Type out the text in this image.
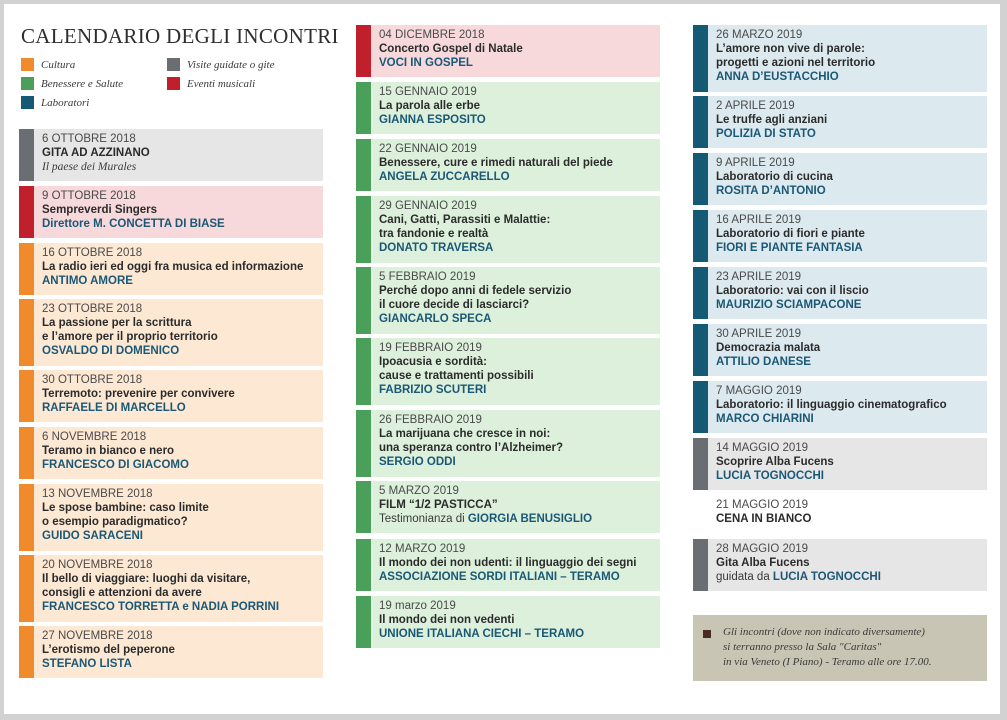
CALENDARIO DEGLI INCONTRI
Cultura
Benessere e Salute
Laboratori
Visite guidate o gite
Eventi musicali
6 OTTOBRE 2018
GITA AD AZZINANO
Il paese dei Murales
9 OTTOBRE 2018
Sempreverdi Singers
Direttore M. CONCETTA DI BIASE
16 OTTOBRE 2018
La radio ieri ed oggi fra musica ed informazione
ANTIMO AMORE
23 OTTOBRE 2018
La passione per la scrittura
e l’amore per il proprio territorio
OSVALDO DI DOMENICO
30 OTTOBRE 2018
Terremoto: prevenire per convivere
RAFFAELE DI MARCELLO
6 NOVEMBRE 2018
Teramo in bianco e nero
FRANCESCO DI GIACOMO
13 NOVEMBRE 2018
Le spose bambine: caso limite
o esempio paradigmatico?
GUIDO SARACENI
20 NOVEMBRE 2018
Il bello di viaggiare: luoghi da visitare,
consigli e attenzioni da avere
FRANCESCO TORRETTA e NADIA PORRINI
27 NOVEMBRE 2018
L’erotismo del peperone
STEFANO LISTA
04 DICEMBRE 2018
Concerto Gospel di Natale
VOCI IN GOSPEL
15 GENNAIO 2019
La parola alle erbe
GIANNA ESPOSITO
22 GENNAIO 2019
Benessere, cure e rimedi naturali del piede
ANGELA ZUCCARELLO
29 GENNAIO 2019
Cani, Gatti, Parassiti e Malattie:
tra fandonie e realtà
DONATO TRAVERSA
5 FEBBRAIO 2019
Perché dopo anni di fedele servizio
il cuore decide di lasciarci?
GIANCARLO SPECA
19 FEBBRAIO 2019
Ipoacusia e sordità:
cause e trattamenti possibili
FABRIZIO SCUTERI
26 FEBBRAIO 2019
La marijuana che cresce in noi:
una speranza contro l’Alzheimer?
SERGIO ODDI
5 MARZO 2019
FILM “1/2 PASTICCA”
Testimonianza di GIORGIA BENUSIGLIO
12 MARZO 2019
Il mondo dei non udenti: il linguaggio dei segni
ASSOCIAZIONE SORDI ITALIANI – TERAMO
19 marzo 2019
Il mondo dei non vedenti
UNIONE ITALIANA CIECHI – TERAMO
26 MARZO 2019
L’amore non vive di parole:
progetti e azioni nel territorio
ANNA D’EUSTACCHIO
2 APRILE 2019
Le truffe agli anziani
POLIZIA DI STATO
9 APRILE 2019
Laboratorio di cucina
ROSITA D’ANTONIO
16 APRILE 2019
Laboratorio di fiori e piante
FIORI E PIANTE FANTASIA
23 APRILE 2019
Laboratorio: vai con il liscio
MAURIZIO SCIAMPACONE
30 APRILE 2019
Democrazia malata
ATTILIO DANESE
7 MAGGIO 2019
Laboratorio: il linguaggio cinematografico
MARCO CHIARINI
14 MAGGIO 2019
Scoprire Alba Fucens
LUCIA TOGNOCCHI
21 MAGGIO 2019
CENA IN BIANCO
28 MAGGIO 2019
Gita Alba Fucens
guidata da LUCIA TOGNOCCHI
Gli incontri (dove non indicato diversamente)
si terranno presso la Sala "Caritas"
in via Veneto (I Piano) - Teramo alle ore 17.00.
